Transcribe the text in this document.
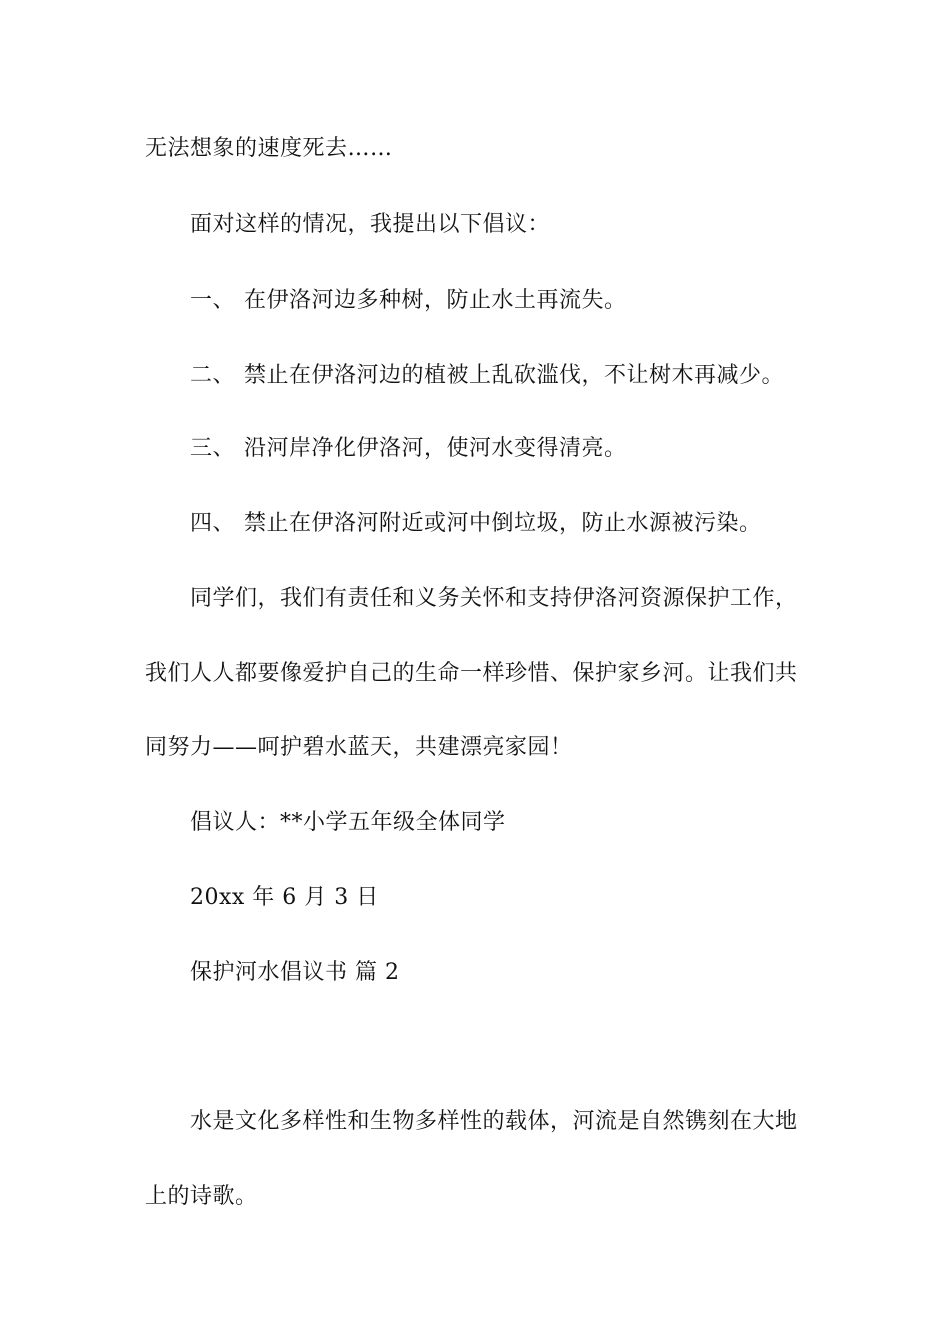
无法想象的速度死去……
面对这样的情况，我提出以下倡议：
一、 在伊洛河边多种树，防止水土再流失。
二、 禁止在伊洛河边的植被上乱砍滥伐，不让树木再减少。
三、 沿河岸净化伊洛河，使河水变得清亮。
四、 禁止在伊洛河附近或河中倒垃圾，防止水源被污染。
同学们，我们有责任和义务关怀和支持伊洛河资源保护工作，
我们人人都要像爱护自己的生命一样珍惜、保护家乡河。让我们共
同努力——呵护碧水蓝天，共建漂亮家园！
倡议人：**小学五年级全体同学
20xx 年 6 月 3 日
保护河水倡议书 篇 2
水是文化多样性和生物多样性的载体，河流是自然镌刻在大地
上的诗歌。
